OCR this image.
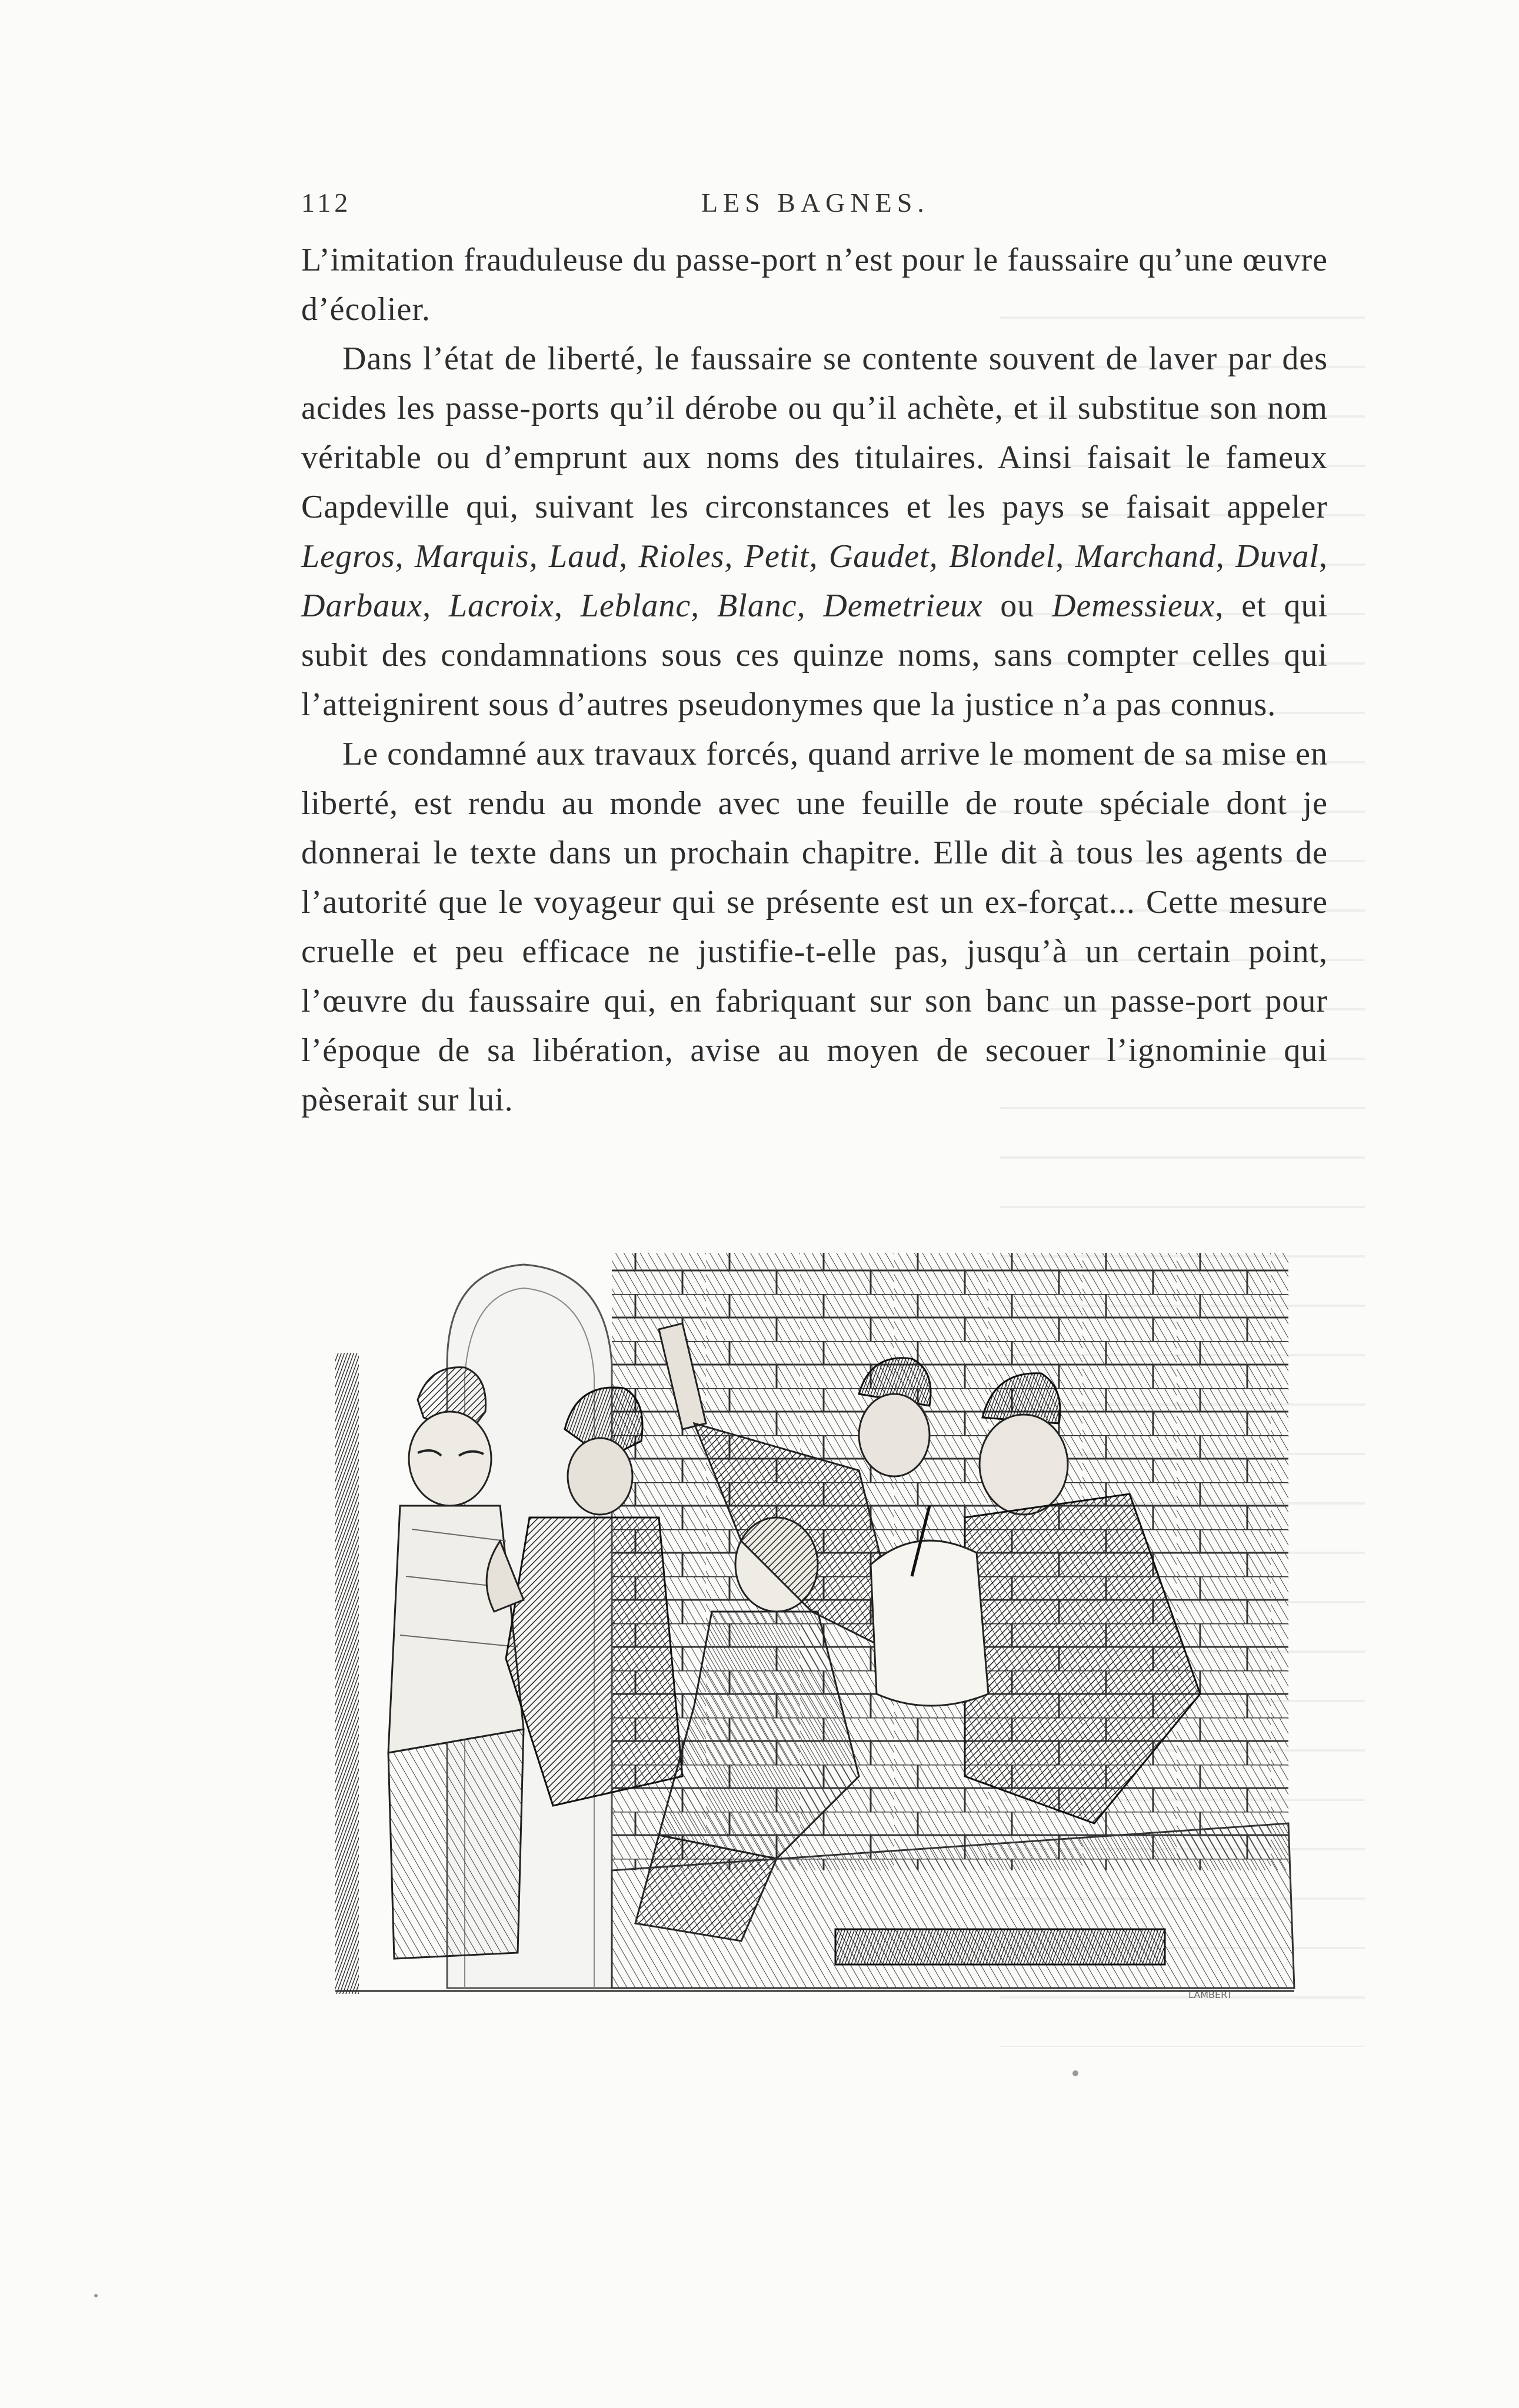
112	LES BAGNES.

L’imitation frauduleuse du passe-port n’est pour le faussaire qu’une œuvre d’écolier.

Dans l’état de liberté, le faussaire se contente souvent de laver par des acides les passe-ports qu’il dérobe ou qu’il achète, et il substitue son nom véritable ou d’emprunt aux noms des titulaires. Ainsi faisait le fameux Capdeville qui, suivant les circonstances et les pays se faisait appeler Legros, Marquis, Laud, Rioles, Petit, Gaudet, Blondel, Marchand, Duval, Darbaux, Lacroix, Leblanc, Blanc, Demetrieux ou Demessieux, et qui subit des condamnations sous ces quinze noms, sans compter celles qui l’atteignirent sous d’autres pseudonymes que la justice n’a pas connus.

Le condamné aux travaux forcés, quand arrive le moment de sa mise en liberté, est rendu au monde avec une feuille de route spéciale dont je donnerai le texte dans un prochain chapitre. Elle dit à tous les agents de l’autorité que le voyageur qui se présente est un ex-forçat... Cette mesure cruelle et peu efficace ne justifie-t-elle pas, jusqu’à un certain point, l’œuvre du faussaire qui, en fabriquant sur son banc un passe-port pour l’époque de sa libération, avise au moyen de secouer l’ignominie qui pèserait sur lui.

LAMBERT
